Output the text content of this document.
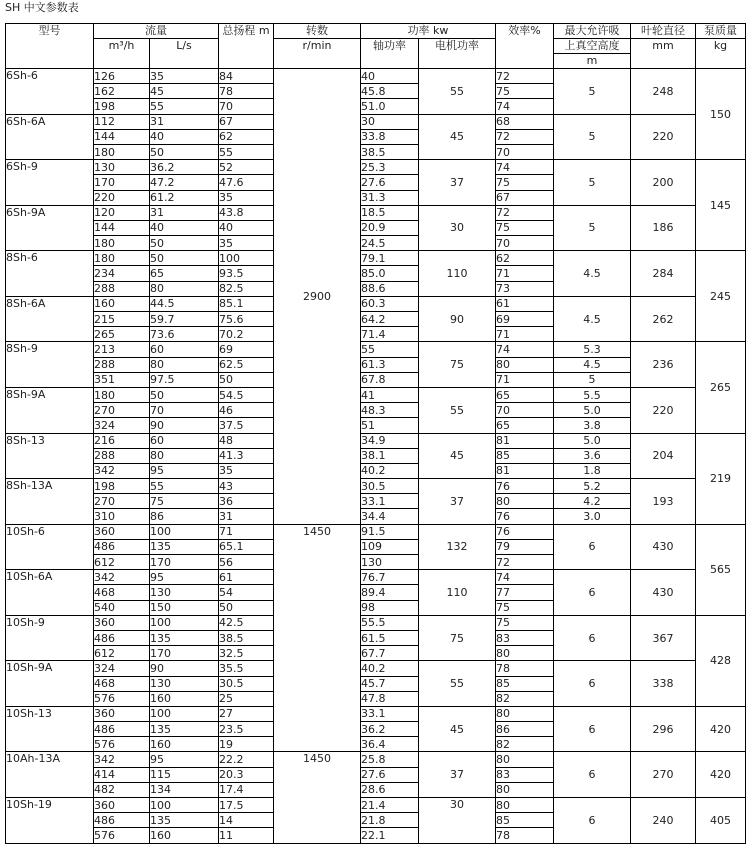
SH 中文参数表
型号	流量		总扬程 m	转数	功率 kw		效率%	最大允许吸	叶轮直径	泵质量
	m³/h	L/s		r/min	轴功率	电机功率		上真空高度	mm	kg
								m		
6Sh-6	126	35	84	2900	40	55	72	5	248	150
	162	45	78		45.8		75			
	198	55	70		51.0		74			
6Sh-6A	112	31	67		30	45	68	5	220	
	144	40	62		33.8		72			
	180	50	55		38.5		70			
6Sh-9	130	36.2	52		25.3	37	74	5	200	145
	170	47.2	47.6		27.6		75			
	220	61.2	35		31.3		67			
6Sh-9A	120	31	43.8		18.5	30	72	5	186	
	144	40	40		20.9		75			
	180	50	35		24.5		70			
8Sh-6	180	50	100		79.1	110	62	4.5	284	245
	234	65	93.5		85.0		71			
	288	80	82.5		88.6		73			
8Sh-6A	160	44.5	85.1		60.3	90	61	4.5	262	
	215	59.7	75.6		64.2		69			
	265	73.6	70.2		71.4		71			
8Sh-9	213	60	69		55	75	74	5.3	236	265
	288	80	62.5		61.3		80	4.5		
	351	97.5	50		67.8		71	5		
8Sh-9A	180	50	54.5		41	55	65	5.5	220	
	270	70	46		48.3		70	5.0		
	324	90	37.5		51		65	3.8		
8Sh-13	216	60	48		34.9	45	81	5.0	204	219
	288	80	41.3		38.1		85	3.6		
	342	95	35		40.2		81	1.8		
8Sh-13A	198	55	43		30.5	37	76	5.2	193	
	270	75	36		33.1		80	4.2		
	310	86	31		34.4		76	3.0		
10Sh-6	360	100	71	1450	91.5	132	76	6	430	565
	486	135	65.1		109		79			
	612	170	56		130		72			
10Sh-6A	342	95	61		76.7	110	74	6	430	
	468	130	54		89.4		77			
	540	150	50		98		75			
10Sh-9	360	100	42.5		55.5	75	75	6	367	428
	486	135	38.5		61.5		83			
	612	170	32.5		67.7		80			
10Sh-9A	324	90	35.5		40.2	55	78	6	338	
	468	130	30.5		45.7		85			
	576	160	25		47.8		82			
10Sh-13	360	100	27		33.1	45	80	6	296	420
	486	135	23.5		36.2		86			
	576	160	19		36.4		82			
10Ah-13A	342	95	22.2	1450	25.8	37	80	6	270	420
	414	115	20.3		27.6		83			
	482	134	17.4		28.6		80			
10Sh-19	360	100	17.5		21.4	30	80	6	240	405
	486	135	14		21.8		85			
	576	160	11		22.1		78			
